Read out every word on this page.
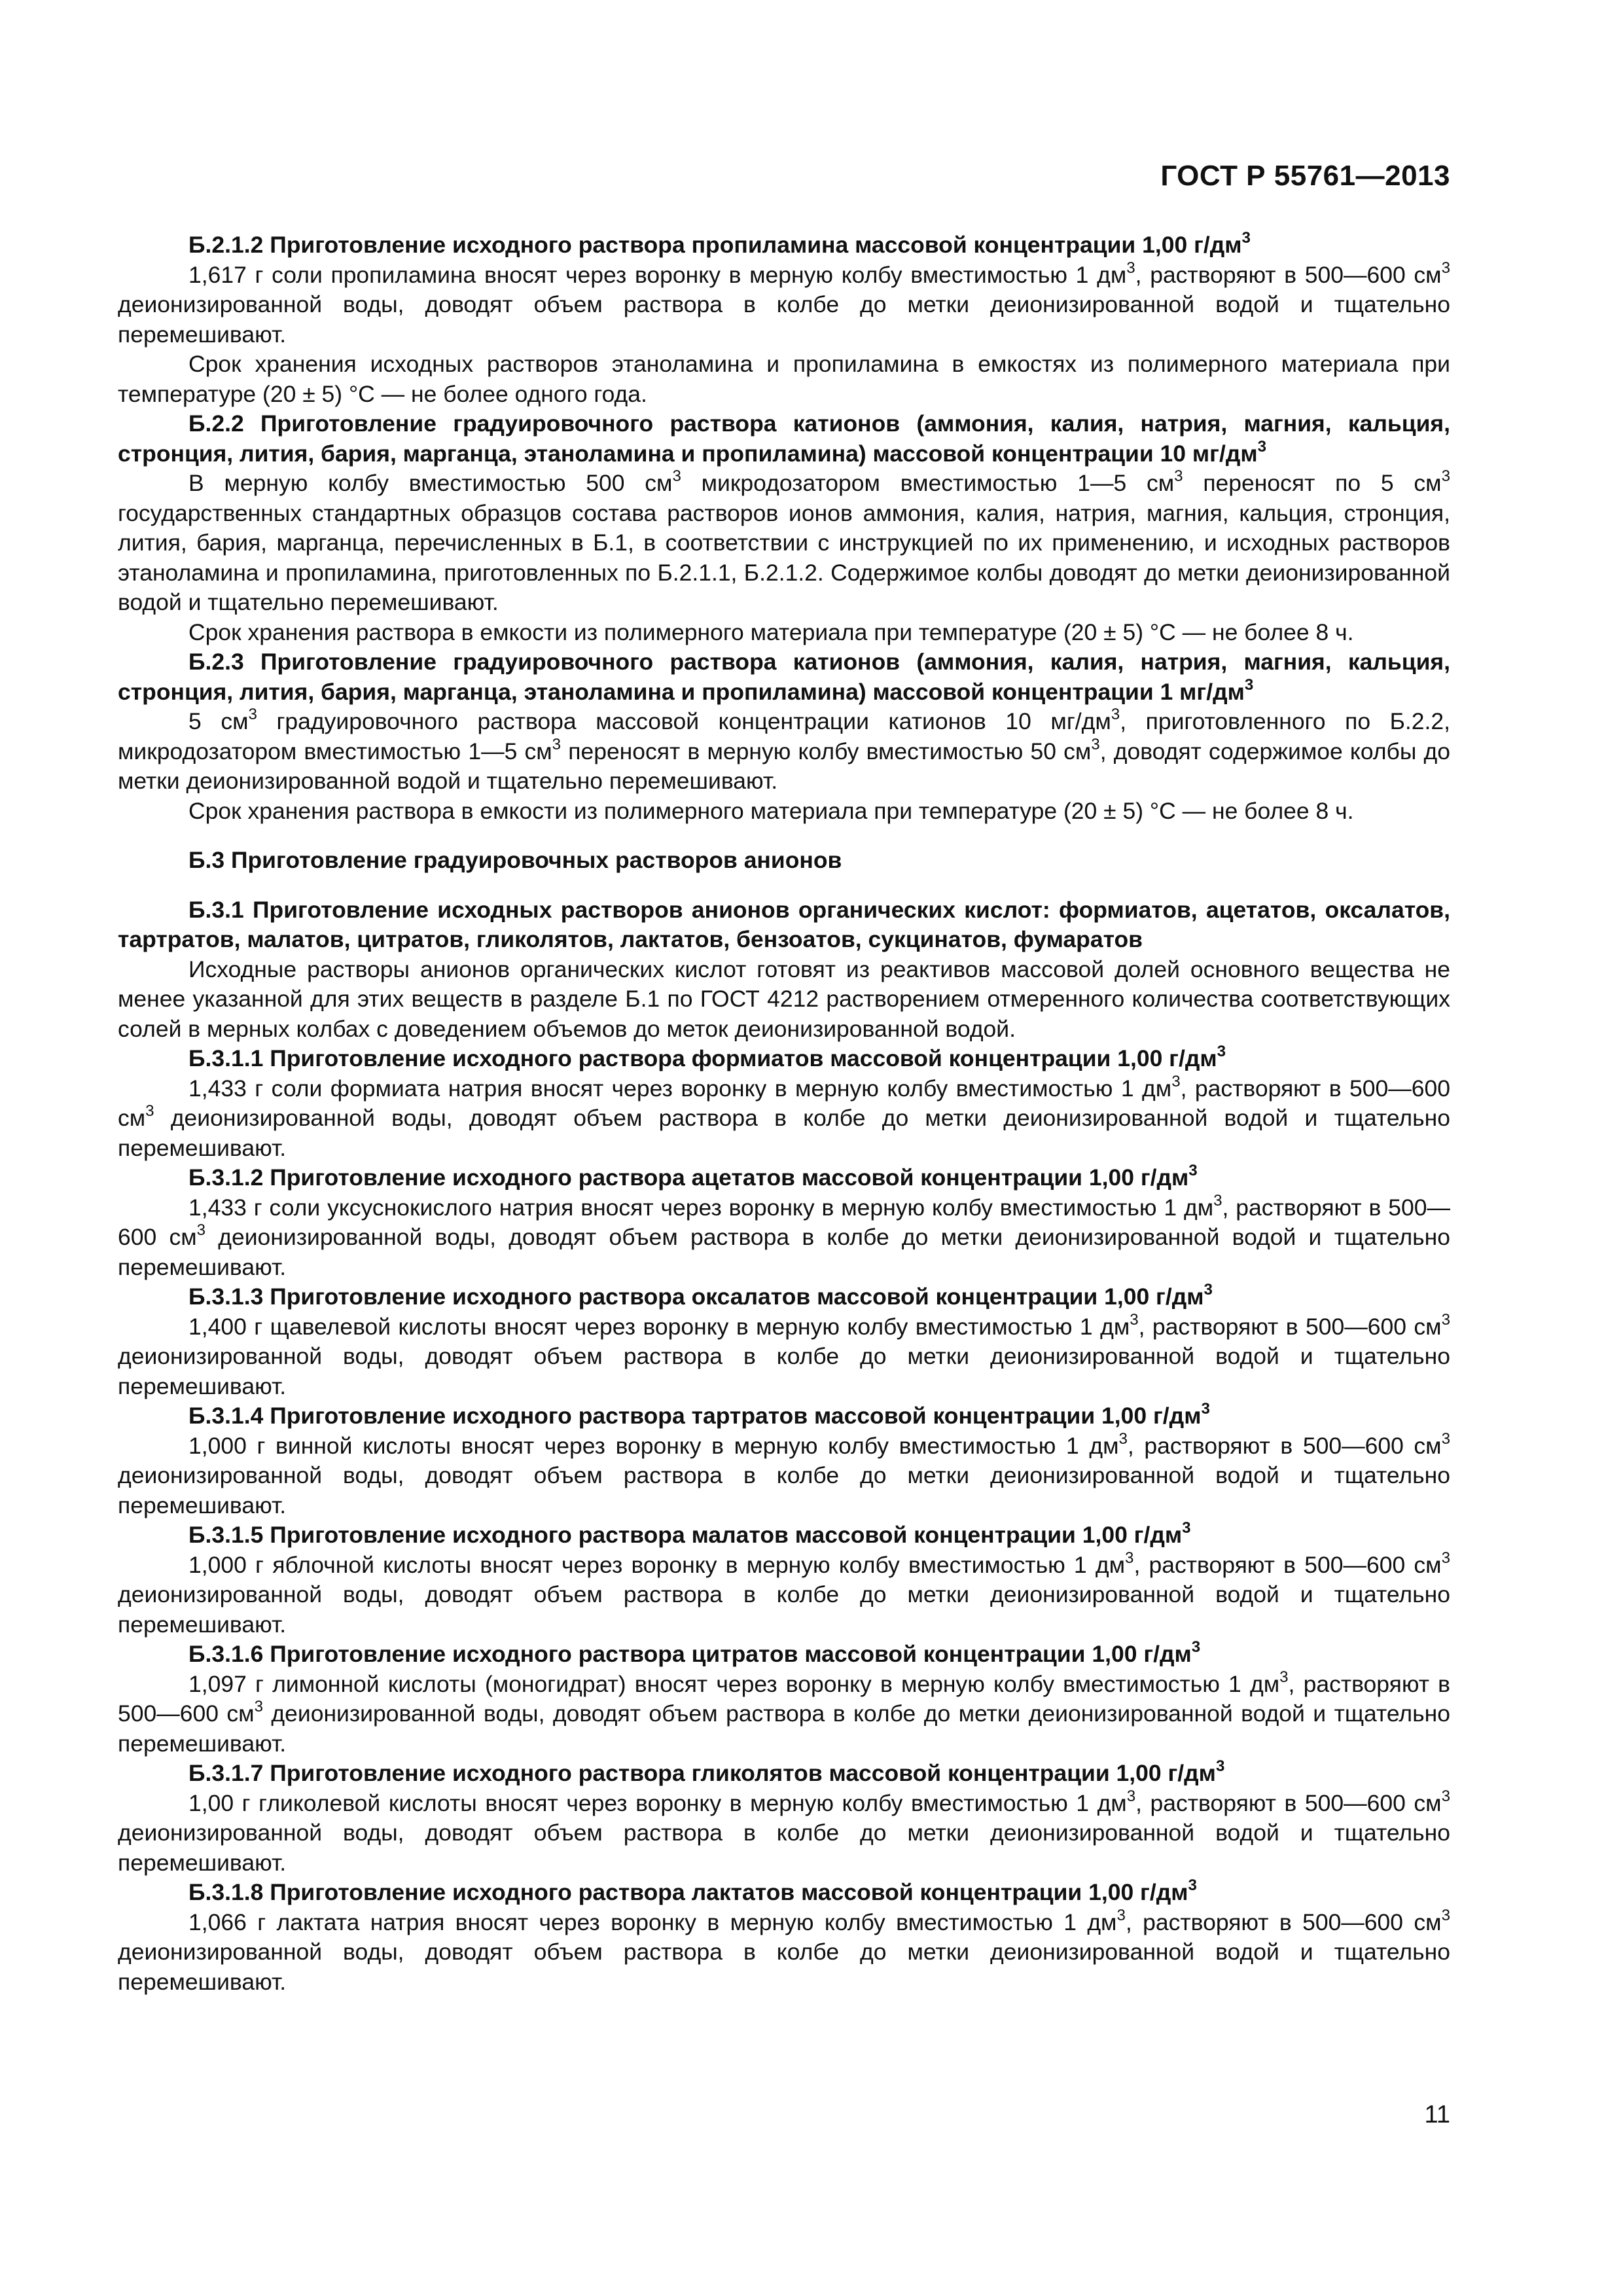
ГОСТ Р 55761—2013

Б.2.1.2 Приготовление исходного раствора пропиламина массовой концентрации 1,00 $г/дм^3$

1,617 г соли пропиламина вносят через воронку в мерную колбу вместимостью 1 $дм^3$, растворяют в 500—600 $см^3$ деионизированной воды, доводят объем раствора в колбе до метки деионизированной водой и тщательно перемешивают.

Срок хранения исходных растворов этаноламина и пропиламина в емкостях из полимерного материала при температуре (20 ± 5) °С — не более одного года.

Б.2.2 Приготовление градуировочного раствора катионов (аммония, калия, натрия, магния, кальция, стронция, лития, бария, марганца, этаноламина и пропиламина) массовой концентрации 10 $мг/дм^3$

В мерную колбу вместимостью 500 $см^3$ микродозатором вместимостью 1—5 $см^3$ переносят по 5 $см^3$ государственных стандартных образцов состава растворов ионов аммония, калия, натрия, магния, кальция, стронция, лития, бария, марганца, перечисленных в Б.1, в соответствии с инструкцией по их применению, и исходных растворов этаноламина и пропиламина, приготовленных по Б.2.1.1, Б.2.1.2. Содержимое колбы доводят до метки деионизированной водой и тщательно перемешивают.

Срок хранения раствора в емкости из полимерного материала при температуре (20 ± 5) °С — не более 8 ч.

Б.2.3 Приготовление градуировочного раствора катионов (аммония, калия, натрия, магния, кальция, стронция, лития, бария, марганца, этаноламина и пропиламина) массовой концентрации 1 $мг/дм^3$

5 $см^3$ градуировочного раствора массовой концентрации катионов 10 $мг/дм^3$, приготовленного по Б.2.2, микродозатором вместимостью 1—5 $см^3$ переносят в мерную колбу вместимостью 50 $см^3$, доводят содержимое колбы до метки деионизированной водой и тщательно перемешивают.

Срок хранения раствора в емкости из полимерного материала при температуре (20 ± 5) °С — не более 8 ч.

Б.3 Приготовление градуировочных растворов анионов

Б.3.1 Приготовление исходных растворов анионов органических кислот: формиатов, ацетатов, оксалатов, тартратов, малатов, цитратов, гликолятов, лактатов, бензоатов, сукцинатов, фумаратов

Исходные растворы анионов органических кислот готовят из реактивов массовой долей основного вещества не менее указанной для этих веществ в разделе Б.1 по ГОСТ 4212 растворением отмеренного количества соответствующих солей в мерных колбах с доведением объемов до меток деионизированной водой.

Б.3.1.1 Приготовление исходного раствора формиатов массовой концентрации 1,00 $г/дм^3$

1,433 г соли формиата натрия вносят через воронку в мерную колбу вместимостью 1 $дм^3$, растворяют в 500—600 $см^3$ деионизированной воды, доводят объем раствора в колбе до метки деионизированной водой и тщательно перемешивают.

Б.3.1.2 Приготовление исходного раствора ацетатов массовой концентрации 1,00 $г/дм^3$

1,433 г соли уксуснокислого натрия вносят через воронку в мерную колбу вместимостью 1 $дм^3$, растворяют в 500—600 $см^3$ деионизированной воды, доводят объем раствора в колбе до метки деионизированной водой и тщательно перемешивают.

Б.3.1.3 Приготовление исходного раствора оксалатов массовой концентрации 1,00 $г/дм^3$

1,400 г щавелевой кислоты вносят через воронку в мерную колбу вместимостью 1 $дм^3$, растворяют в 500—600 $см^3$ деионизированной воды, доводят объем раствора в колбе до метки деионизированной водой и тщательно перемешивают.

Б.3.1.4 Приготовление исходного раствора тартратов массовой концентрации 1,00 $г/дм^3$

1,000 г винной кислоты вносят через воронку в мерную колбу вместимостью 1 $дм^3$, растворяют в 500—600 $см^3$ деионизированной воды, доводят объем раствора в колбе до метки деионизированной водой и тщательно перемешивают.

Б.3.1.5 Приготовление исходного раствора малатов массовой концентрации 1,00 $г/дм^3$

1,000 г яблочной кислоты вносят через воронку в мерную колбу вместимостью 1 $дм^3$, растворяют в 500—600 $см^3$ деионизированной воды, доводят объем раствора в колбе до метки деионизированной водой и тщательно перемешивают.

Б.3.1.6 Приготовление исходного раствора цитратов массовой концентрации 1,00 $г/дм^3$

1,097 г лимонной кислоты (моногидрат) вносят через воронку в мерную колбу вместимостью 1 $дм^3$, растворяют в 500—600 $см^3$ деионизированной воды, доводят объем раствора в колбе до метки деионизированной водой и тщательно перемешивают.

Б.3.1.7 Приготовление исходного раствора гликолятов массовой концентрации 1,00 $г/дм^3$

1,00 г гликолевой кислоты вносят через воронку в мерную колбу вместимостью 1 $дм^3$, растворяют в 500—600 $см^3$ деионизированной воды, доводят объем раствора в колбе до метки деионизированной водой и тщательно перемешивают.

Б.3.1.8 Приготовление исходного раствора лактатов массовой концентрации 1,00 $г/дм^3$

1,066 г лактата натрия вносят через воронку в мерную колбу вместимостью 1 $дм^3$, растворяют в 500—600 $см^3$ деионизированной воды, доводят объем раствора в колбе до метки деионизированной водой и тщательно перемешивают.

11
